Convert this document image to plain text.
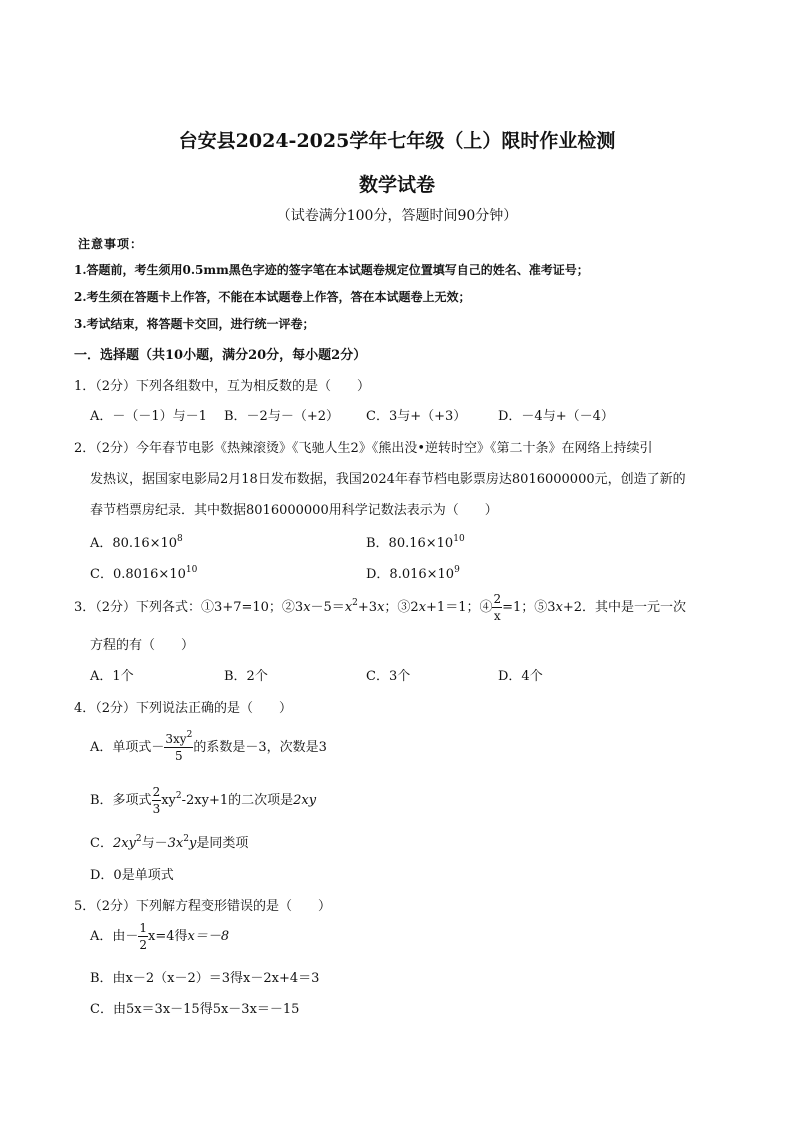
台安县2024-2025学年七年级（上）限时作业检测
数学试卷
（试卷满分100分，答题时间90分钟）
注意事项：
1.答题前，考生须用0.5mm黑色字迹的签字笔在本试题卷规定位置填写自己的姓名、准考证号；
2.考生须在答题卡上作答，不能在本试题卷上作答，答在本试题卷上无效；
3.考试结束，将答题卡交回，进行统一评卷；
一．选择题（共10小题，满分20分，每小题2分）
1．（2分）下列各组数中，互为相反数的是（　　）
A．－（－1）与－1 B．－2与－（+2） C．3与+（+3） D．－4与+（－4）
2．（2分）今年春节电影《热辣滚烫》《飞驰人生2》《熊出没•逆转时空》《第二十条》在网络上持续引
发热议，据国家电影局2月18日发布数据，我国2024年春节档电影票房达8016000000元，创造了新的
春节档票房纪录．其中数据8016000000用科学记数法表示为（　　）
A．$80.16\times 10^8$	B．$80.16\times 10^{10}$
C．$0.8016\times 10^{10}$	D．$8.016\times 10^9$
3．（2分）下列各式：①3+7=10；$②3x-5=x^2+3x$；③2x+1＝1；④ $\frac{2}{x} =1$；⑤3x+2．其中是一元一次
方程的有（　　）
A．1个	B．2个	C．3个	D．4个
4．（2分）下列说法正确的是（　　）
A．单项式－ $\frac{3xy^2}{5}$ 的系数是－3，次数是3
B．多项式 $\frac{2}{3} xy^2-2xy+1$的二次项是2xy
C．$2xy^2$与$-3x^2y$是同类项
D．0是单项式
5．（2分）下列解方程变形错误的是（　　）
A．由－ $\frac{1}{2} x=4$得x＝－8
B．由x－2（x－2）＝3得x－2x+4＝3
C．由5x＝3x－15得5x－3x＝－15
